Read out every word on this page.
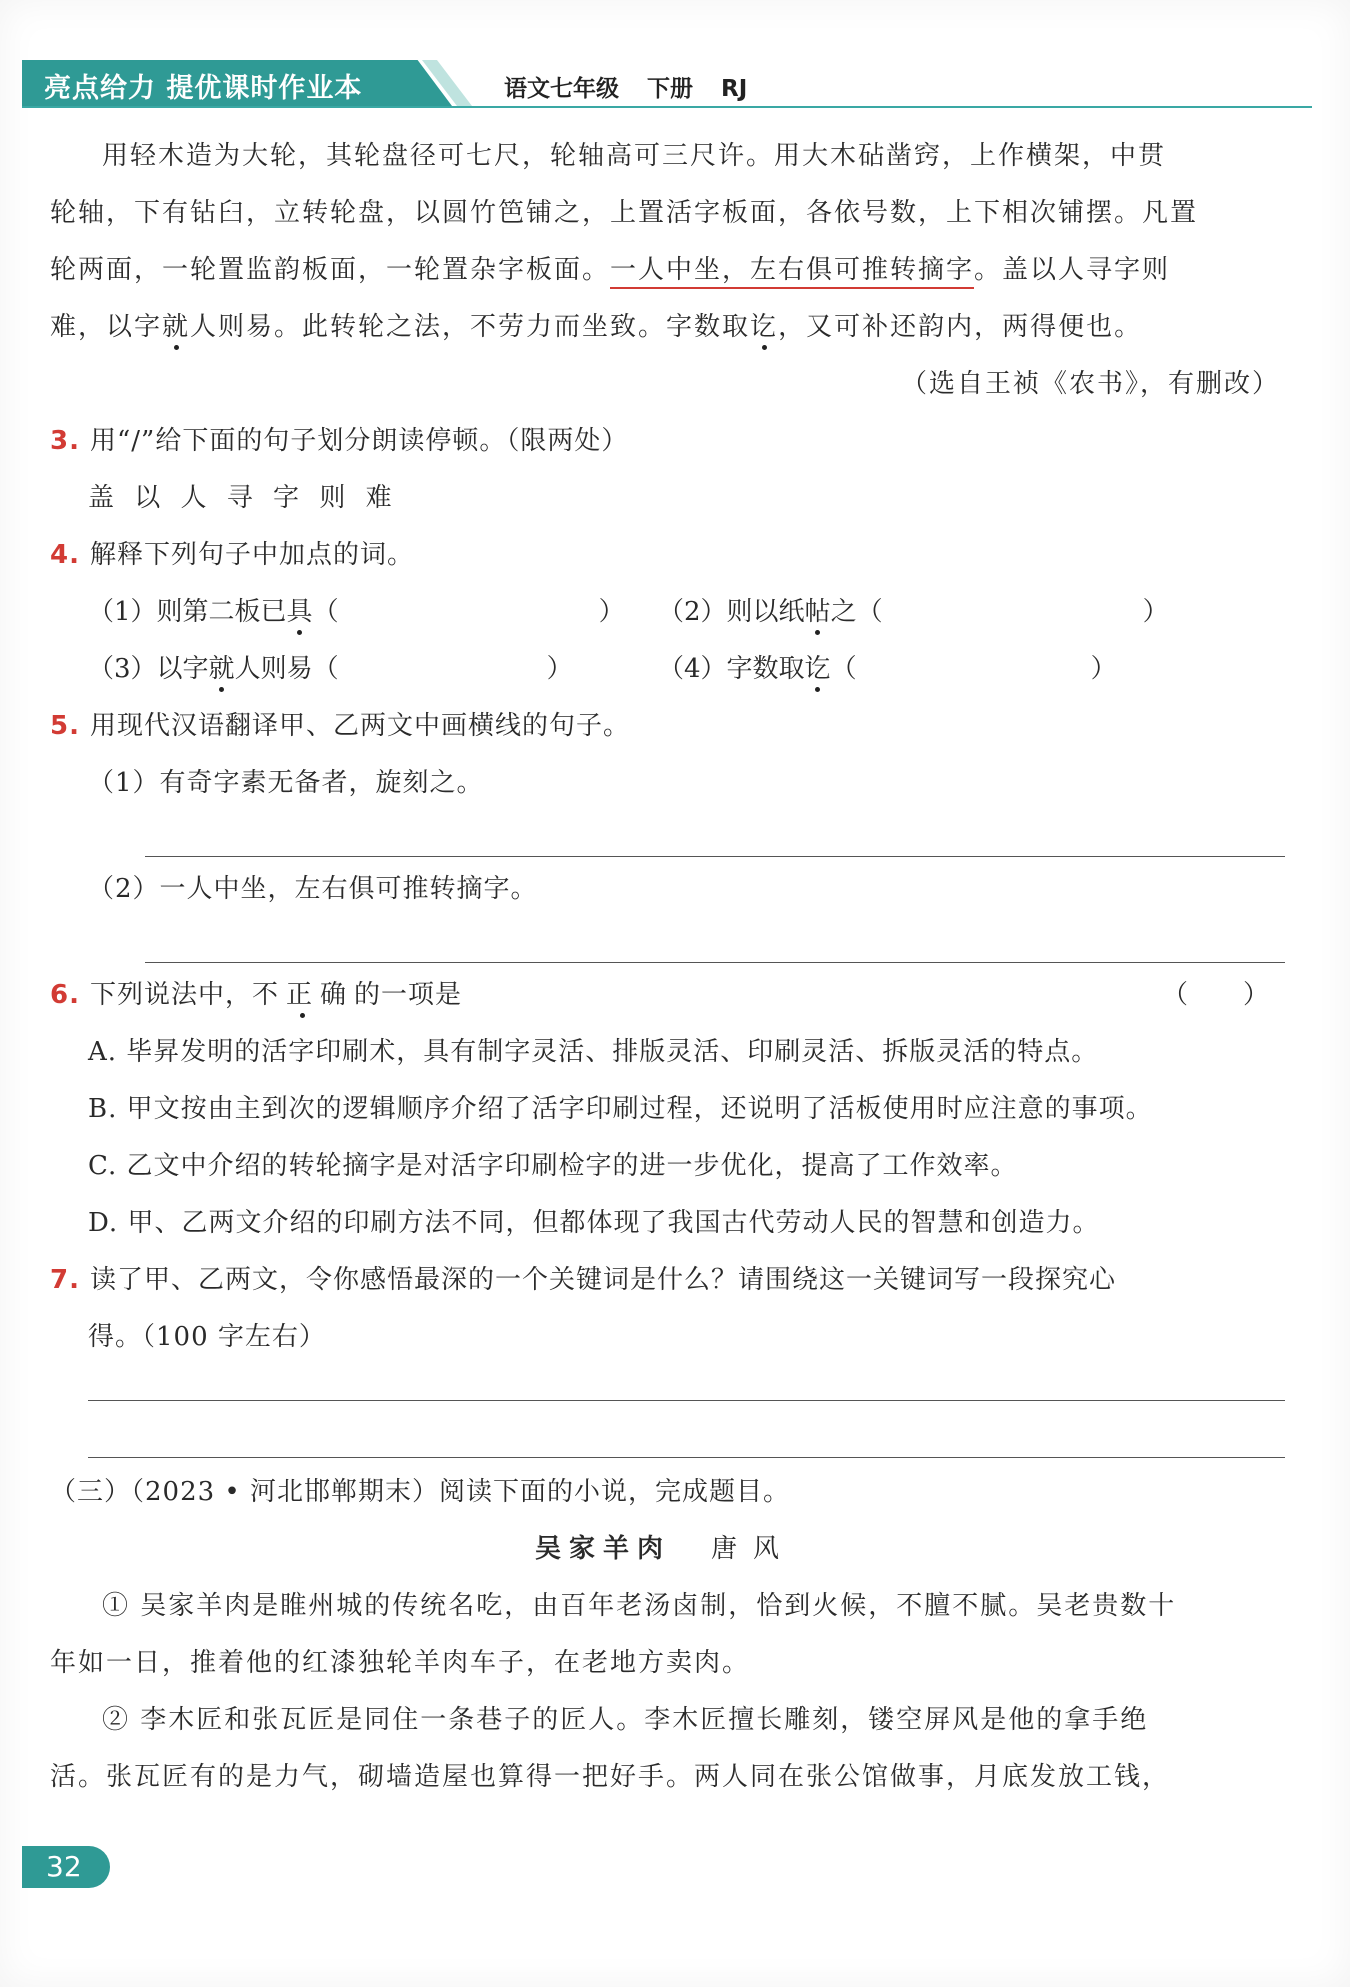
亮点给力 提优课时作业本	语文七年级 下册 RJ

用轻木造为大轮，其轮盘径可七尺，轮轴高可三尺许。用大木砧凿窍，上作横架，中贯

轮轴，下有钻臼，立转轮盘，以圆竹笆铺之，上置活字板面，各依号数，上下相次铺摆。凡置

轮两面，一轮置监韵板面，一轮置杂字板面。一人中坐，左右俱可推转摘字。盖以人寻字则

难，以字就人则易。此转轮之法，不劳力而坐致。字数取讫，又可补还韵内，两得便也。

（选自王祯《农书》，有删改）

3. 用“/”给下面的句子划分朗读停顿。（限两处）

盖 以 人 寻 字 则 难

4. 解释下列句子中加点的词。

（1）则第二板已具（　　　　　　　　　　）	（2）则以纸帖之（　　　　　　　　　　）
（3）以字就人则易（　　　　　　　　）	（4）字数取讫（　　　　　　　　　）

5. 用现代汉语翻译甲、乙两文中画横线的句子。

（1）有奇字素无备者，旋刻之。

（2）一人中坐，左右俱可推转摘字。

6. 下列说法中，不正确的一项是	（　　）

A. 毕昇发明的活字印刷术，具有制字灵活、排版灵活、印刷灵活、拆版灵活的特点。

B. 甲文按由主到次的逻辑顺序介绍了活字印刷过程，还说明了活板使用时应注意的事项。

C. 乙文中介绍的转轮摘字是对活字印刷检字的进一步优化，提高了工作效率。

D. 甲、乙两文介绍的印刷方法不同，但都体现了我国古代劳动人民的智慧和创造力。

7. 读了甲、乙两文，令你感悟最深的一个关键词是什么？请围绕这一关键词写一段探究心

得。（100 字左右）

（三）（2023 • 河北邯郸期末）阅读下面的小说，完成题目。

吴家羊肉 唐风

① 吴家羊肉是睢州城的传统名吃，由百年老汤卤制，恰到火候，不膻不腻。吴老贵数十

年如一日，推着他的红漆独轮羊肉车子，在老地方卖肉。

② 李木匠和张瓦匠是同住一条巷子的匠人。李木匠擅长雕刻，镂空屏风是他的拿手绝

活。张瓦匠有的是力气，砌墙造屋也算得一把好手。两人同在张公馆做事，月底发放工钱，

32
